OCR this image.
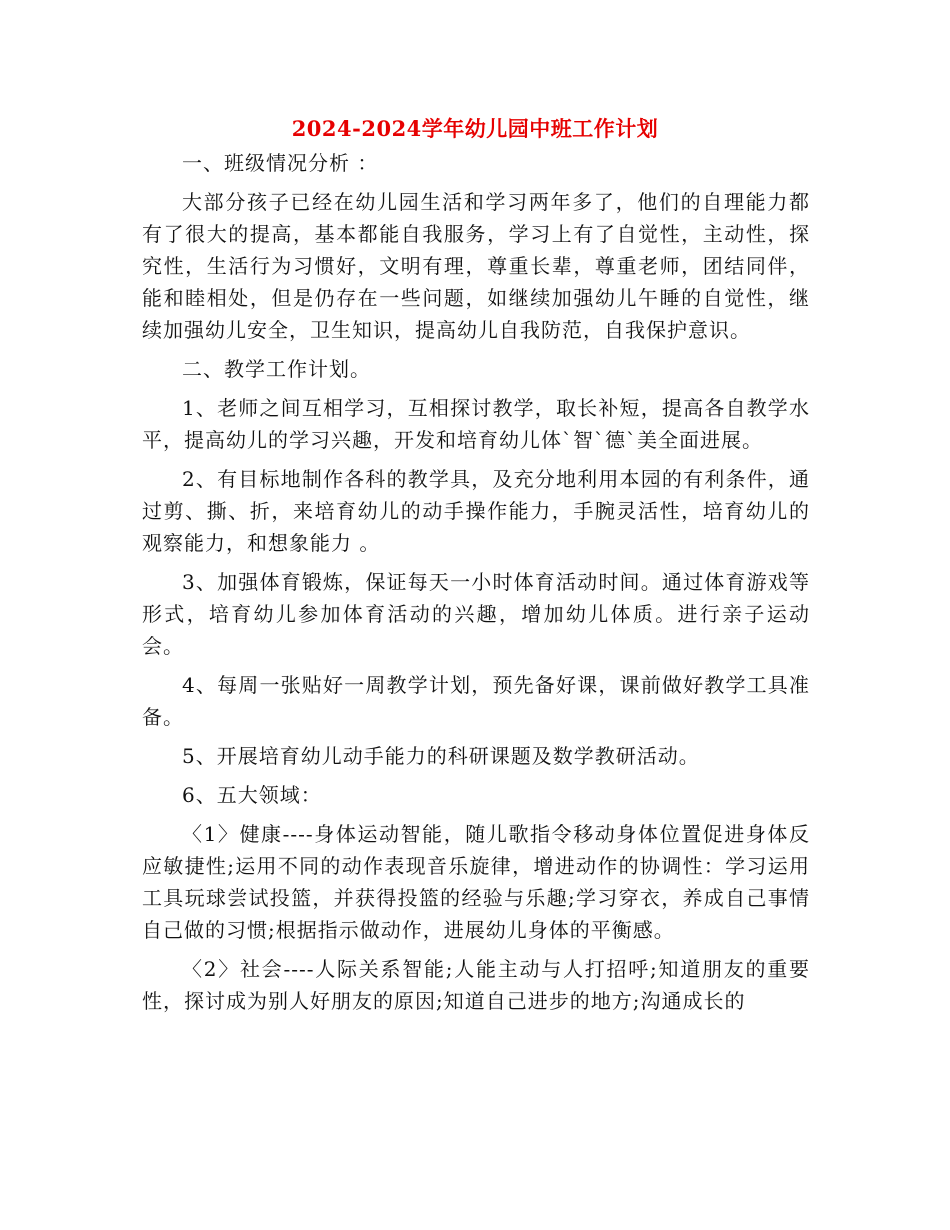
2024-2024学年幼儿园中班工作计划

一、班级情况分析 ：

大部分孩子已经在幼儿园生活和学习两年多了，他们的自理能力都有了很大的提高，基本都能自我服务，学习上有了自觉性，主动性，探究性，生活行为习惯好，文明有理，尊重长辈，尊重老师，团结同伴，能和睦相处，但是仍存在一些问题，如继续加强幼儿午睡的自觉性，继续加强幼儿安全，卫生知识，提高幼儿自我防范，自我保护意识。

二、教学工作计划。

1、老师之间互相学习，互相探讨教学，取长补短，提高各自教学水平，提高幼儿的学习兴趣，开发和培育幼儿体`智`德`美全面进展。

2、有目标地制作各科的教学具，及充分地利用本园的有利条件，通过剪、撕、折，来培育幼儿的动手操作能力，手腕灵活性，培育幼儿的观察能力，和想象能力 。

3、加强体育锻炼，保证每天一小时体育活动时间。通过体育游戏等形式，培育幼儿参加体育活动的兴趣，增加幼儿体质。进行亲子运动会。

4、每周一张贴好一周教学计划，预先备好课，课前做好教学工具准备。

5、开展培育幼儿动手能力的科研课题及数学教研活动。

6、五大领域：

〈1〉健康----身体运动智能，随儿歌指令移动身体位置促进身体反应敏捷性;运用不同的动作表现音乐旋律，增进动作的协调性：学习运用工具玩球尝试投篮，并获得投篮的经验与乐趣;学习穿衣，养成自己事情自己做的习惯;根据指示做动作，进展幼儿身体的平衡感。

〈2〉社会----人际关系智能;人能主动与人打招呼;知道朋友的重要性，探讨成为别人好朋友的原因;知道自己进步的地方;沟通成长的
